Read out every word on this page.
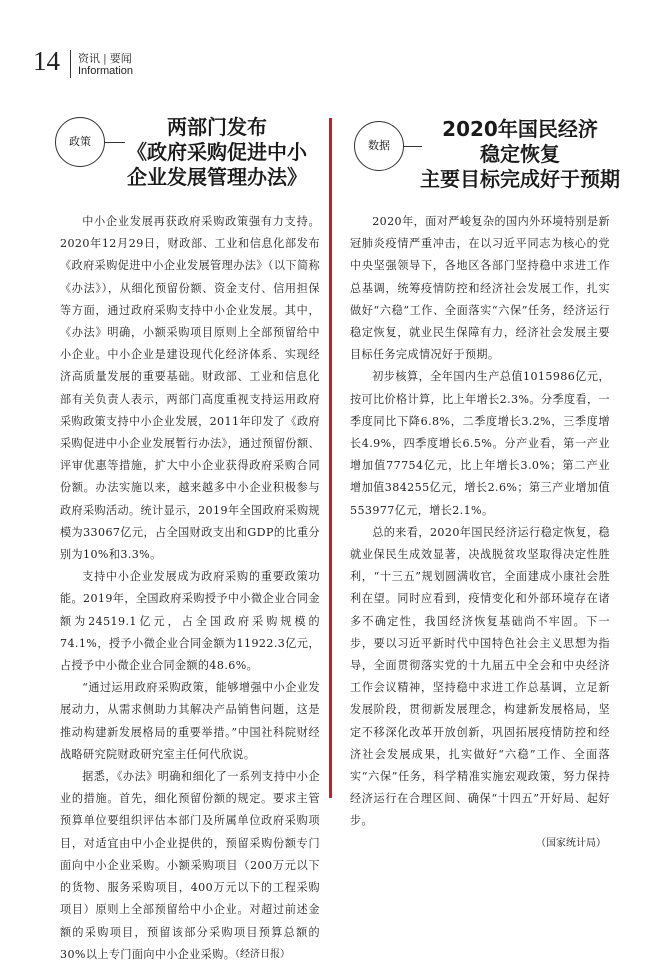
14 资讯 | 要闻
Information
政策
两部门发布
《政府采购促进中小
企业发展管理办法》

中小企业发展再获政府采购政策强有力支持。2020年12月29日，财政部、工业和信息化部发布《政府采购促进中小企业发展管理办法》（以下简称《办法》），从细化预留份额、资金支付、信用担保等方面，通过政府采购支持中小企业发展。其中，《办法》明确，小额采购项目原则上全部预留给中小企业。中小企业是建设现代化经济体系、实现经济高质量发展的重要基础。财政部、工业和信息化部有关负责人表示，两部门高度重视支持运用政府采购政策支持中小企业发展，2011年印发了《政府采购促进中小企业发展暂行办法》，通过预留份额、评审优惠等措施，扩大中小企业获得政府采购合同份额。办法实施以来，越来越多中小企业积极参与政府采购活动。统计显示，2019年全国政府采购规模为33067亿元，占全国财政支出和GDP的比重分别为10%和3.3%。

支持中小企业发展成为政府采购的重要政策功能。2019年，全国政府采购授予中小微企业合同金额为24519.1亿元，占全国政府采购规模的74.1%，授予小微企业合同金额为11922.3亿元，占授予中小微企业合同金额的48.6%。

“通过运用政府采购政策，能够增强中小企业发展动力，从需求侧助力其解决产品销售问题，这是推动构建新发展格局的重要举措。”中国社科院财经战略研究院财政研究室主任何代欣说。

据悉，《办法》明确和细化了一系列支持中小企业的措施。首先，细化预留份额的规定。要求主管预算单位要组织评估本部门及所属单位政府采购项目，对适宜由中小企业提供的，预留采购份额专门面向中小企业采购。小额采购项目（200万元以下的货物、服务采购项目，400万元以下的工程采购项目）原则上全部预留给中小企业。对超过前述金额的采购项目，预留该部分采购项目预算总额的30%以上专门面向中小企业采购。

（经济日报）
数据
2020年国民经济
稳定恢复
主要目标完成好于预期

2020年，面对严峻复杂的国内外环境特别是新冠肺炎疫情严重冲击，在以习近平同志为核心的党中央坚强领导下，各地区各部门坚持稳中求进工作总基调，统筹疫情防控和经济社会发展工作，扎实做好“六稳”工作、全面落实“六保”任务，经济运行稳定恢复，就业民生保障有力，经济社会发展主要目标任务完成情况好于预期。

初步核算，全年国内生产总值1015986亿元，按可比价格计算，比上年增长2.3%。分季度看，一季度同比下降6.8%，二季度增长3.2%，三季度增长4.9%，四季度增长6.5%。分产业看，第一产业增加值77754亿元，比上年增长3.0%；第二产业增加值384255亿元，增长2.6%；第三产业增加值553977亿元，增长2.1%。

总的来看，2020年国民经济运行稳定恢复，稳就业保民生成效显著，决战脱贫攻坚取得决定性胜利，“十三五”规划圆满收官，全面建成小康社会胜利在望。同时应看到，疫情变化和外部环境存在诸多不确定性，我国经济恢复基础尚不牢固。下一步，要以习近平新时代中国特色社会主义思想为指导，全面贯彻落实党的十九届五中全会和中央经济工作会议精神，坚持稳中求进工作总基调，立足新发展阶段，贯彻新发展理念，构建新发展格局，坚定不移深化改革开放创新，巩固拓展疫情防控和经济社会发展成果，扎实做好“六稳”工作、全面落实“六保”任务，科学精准实施宏观政策，努力保持经济运行在合理区间、确保“十四五”开好局、起好步。

（国家统计局）
